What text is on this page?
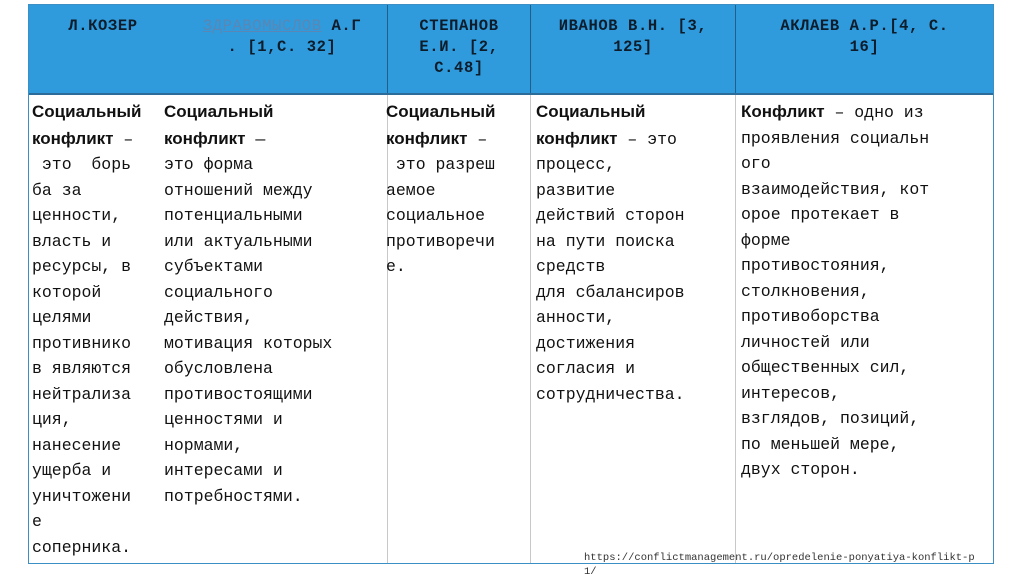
Л.КОЗЕР	ЗДРАВОМЫСЛОВ А.Г
. [1,С. 32]
СТЕПАНОВ
Е.И. [2,
С.48]
ИВАНОВ В.Н. [3,
125]
АКЛАЕВ А.Р.[4, С.
16]
Социальный
конфликт –
это  борь
ба за
ценности,
власть и
ресурсы, в
которой
целями
противнико
в являются
нейтрализа
ция,
нанесение
ущерба и
уничтожени
е
соперника.
Социальный
конфликт —
это форма
отношений между
потенциальными
или актуальными
субъектами
социального
действия,
мотивация которых
обусловлена
противостоящими
ценностями и
нормами,
интересами и
потребностями.
Социальный
конфликт –
это разреш
аемое
социальное
противоречи
е.
Социальный
конфликт – это
процесс,
развитие
действий сторон
на пути поиска
средств
для сбалансиров
анности,
достижения
согласия и
сотрудничества.
Конфликт – одно из
проявления социальн
ого
взаимодействия, кот
орое протекает в
форме
противостояния,
столкновения,
противоборства
личностей или
общественных сил,
интересов,
взглядов, позиций,
по меньшей мере,
двух сторон.
https://conflictmanagement.ru/opredelenie-ponyatiya-konflikt-p
1/
